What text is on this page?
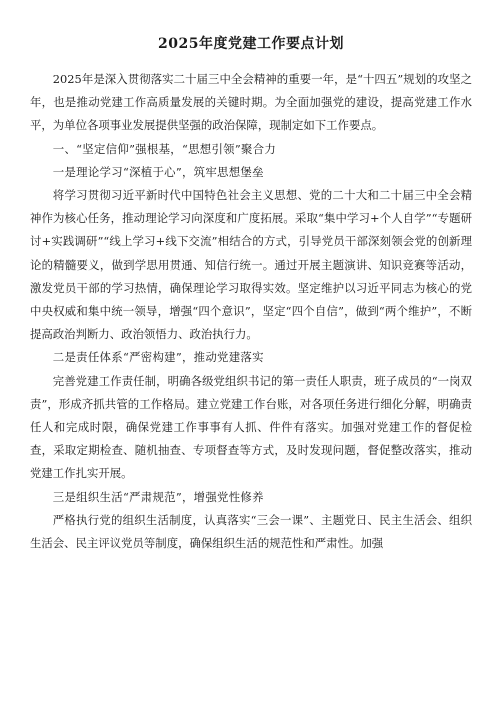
2025年度党建工作要点计划

2025年是深入贯彻落实二十届三中全会精神的重要一年，是“十四五”规划的攻坚之年，也是推动党建工作高质量发展的关键时期。为全面加强党的建设，提高党建工作水平，为单位各项事业发展提供坚强的政治保障，现制定如下工作要点。

一、“坚定信仰”强根基，“思想引领”聚合力

一是理论学习“深植于心”，筑牢思想堡垒

将学习贯彻习近平新时代中国特色社会主义思想、党的二十大和二十届三中全会精神作为核心任务，推动理论学习向深度和广度拓展。采取“集中学习+个人自学”“专题研讨+实践调研”“线上学习+线下交流”相结合的方式，引导党员干部深刻领会党的创新理论的精髓要义，做到学思用贯通、知信行统一。通过开展主题演讲、知识竞赛等活动，激发党员干部的学习热情，确保理论学习取得实效。坚定维护以习近平同志为核心的党中央权威和集中统一领导，增强“四个意识”，坚定“四个自信”，做到“两个维护”，不断提高政治判断力、政治领悟力、政治执行力。

二是责任体系“严密构建”，推动党建落实

完善党建工作责任制，明确各级党组织书记的第一责任人职责，班子成员的“一岗双责”，形成齐抓共管的工作格局。建立党建工作台账，对各项任务进行细化分解，明确责任人和完成时限，确保党建工作事事有人抓、件件有落实。加强对党建工作的督促检查，采取定期检查、随机抽查、专项督查等方式，及时发现问题，督促整改落实，推动党建工作扎实开展。

三是组织生活“严肃规范”，增强党性修养

严格执行党的组织生活制度，认真落实“三会一课”、主题党日、民主生活会、组织生活会、民主评议党员等制度，确保组织生活的规范性和严肃性。加强
